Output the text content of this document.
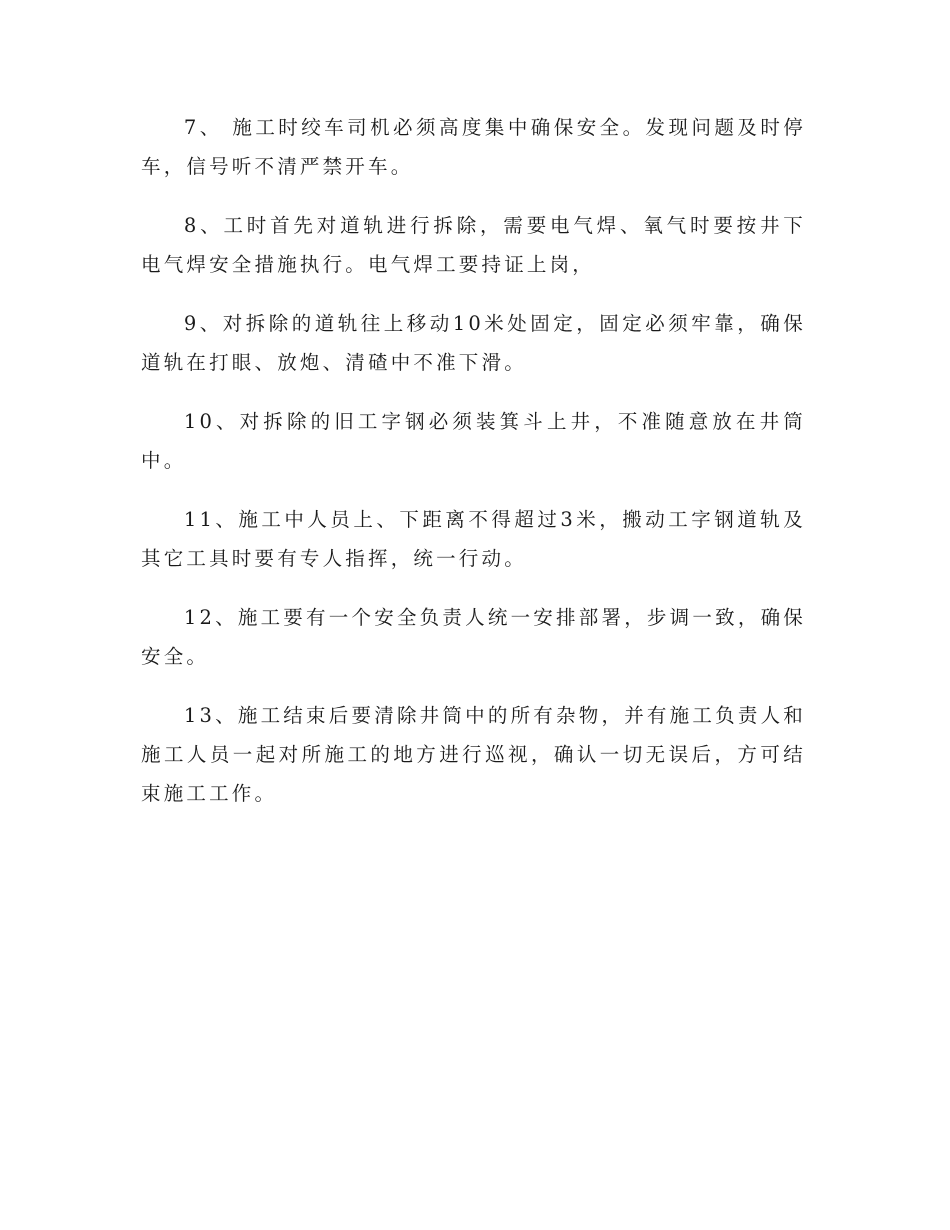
7、 施工时绞车司机必须高度集中确保安全。发现问题及时停车，信号听不清严禁开车。

8、工时首先对道轨进行拆除，需要电气焊、氧气时要按井下电气焊安全措施执行。电气焊工要持证上岗，

9、对拆除的道轨往上移动10米处固定，固定必须牢靠，确保道轨在打眼、放炮、清碴中不准下滑。

10、对拆除的旧工字钢必须装箕斗上井，不准随意放在井筒中。

11、施工中人员上、下距离不得超过3米，搬动工字钢道轨及其它工具时要有专人指挥，统一行动。

12、施工要有一个安全负责人统一安排部署，步调一致，确保安全。

13、施工结束后要清除井筒中的所有杂物，并有施工负责人和施工人员一起对所施工的地方进行巡视，确认一切无误后，方可结束施工工作。
